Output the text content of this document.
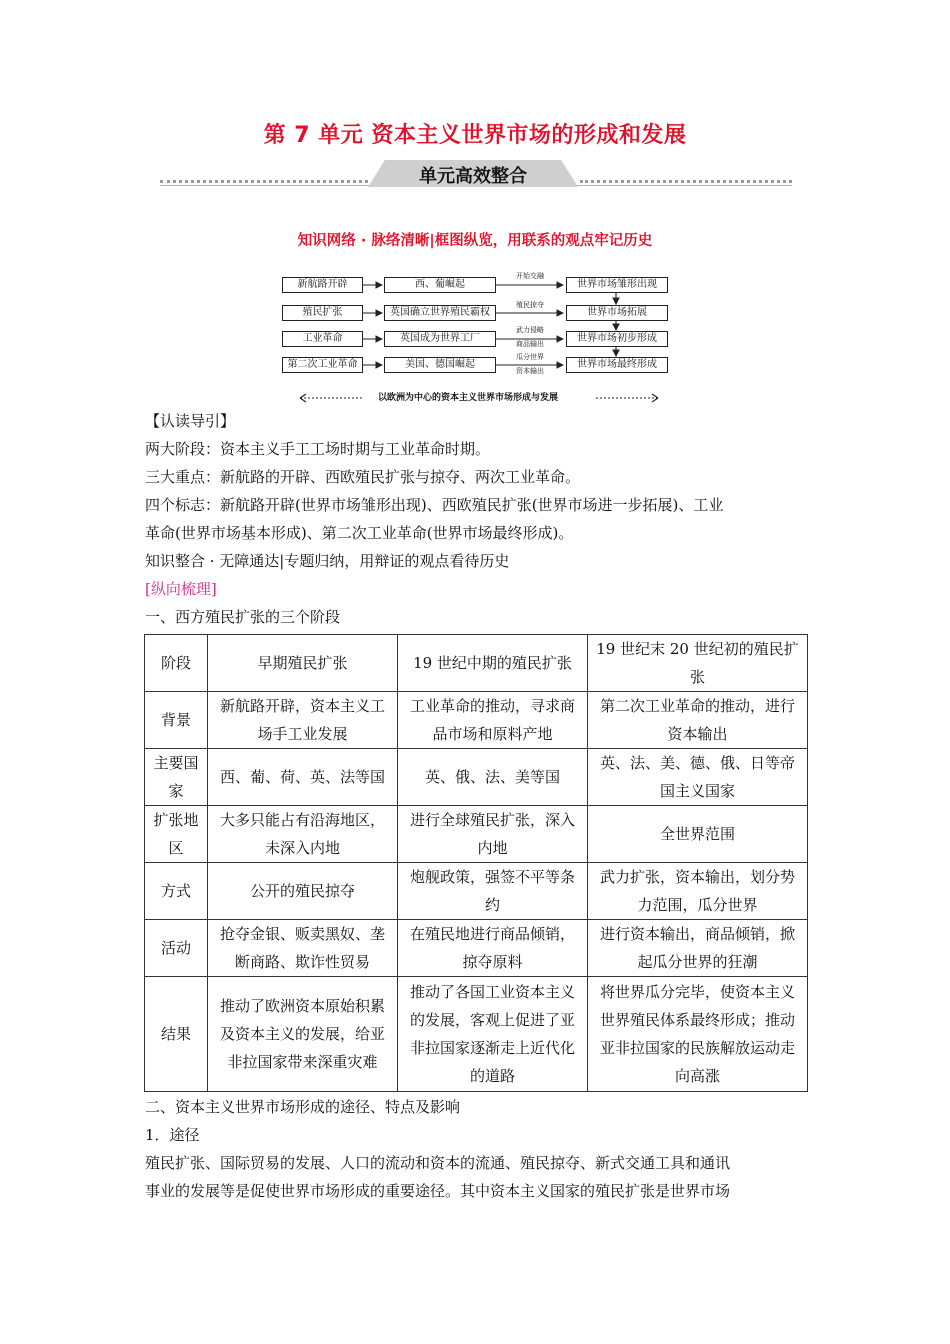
第 7 单元 资本主义世界市场的形成和发展
单元高效整合
知识网络 · 脉络清晰|框图纵览，用联系的观点牢记历史
新航路开辟
殖民扩张
工业革命
第二次工业革命
西、葡崛起
英国确立世界殖民霸权
英国成为世界工厂
美国、德国崛起
开始交融
殖民掠夺
武力侵略
商品输出
瓜分世界
资本输出
世界市场雏形出现
世界市场拓展
世界市场初步形成
世界市场最终形成
以欧洲为中心的资本主义世界市场形成与发展
【认读导引】
两大阶段：资本主义手工工场时期与工业革命时期。
三大重点：新航路的开辟、西欧殖民扩张与掠夺、两次工业革命。
四个标志：新航路开辟(世界市场雏形出现)、西欧殖民扩张(世界市场进一步拓展)、工业
革命(世界市场基本形成)、第二次工业革命(世界市场最终形成)。
知识整合 · 无障通达|专题归纳，用辩证的观点看待历史
[纵向梳理]
一、西方殖民扩张的三个阶段
阶段	早期殖民扩张	19 世纪中期的殖民扩张	19 世纪末 20 世纪初的殖民扩张
背景	新航路开辟，资本主义工场手工业发展	工业革命的推动，寻求商品市场和原料产地	第二次工业革命的推动，进行资本输出
主要国家	西、葡、荷、英、法等国	英、俄、法、美等国	英、法、美、德、俄、日等帝国主义国家
扩张地区	大多只能占有沿海地区，未深入内地	进行全球殖民扩张，深入内地	全世界范围
方式	公开的殖民掠夺	炮舰政策，强签不平等条约	武力扩张，资本输出，划分势力范围，瓜分世界
活动	抢夺金银、贩卖黑奴、垄断商路、欺诈性贸易	在殖民地进行商品倾销，掠夺原料	进行资本输出，商品倾销，掀起瓜分世界的狂潮
结果	推动了欧洲资本原始积累及资本主义的发展，给亚非拉国家带来深重灾难	推动了各国工业资本主义的发展，客观上促进了亚非拉国家逐渐走上近代化的道路	将世界瓜分完毕，使资本主义世界殖民体系最终形成；推动亚非拉国家的民族解放运动走向高涨
二、资本主义世界市场形成的途径、特点及影响
1．途径
殖民扩张、国际贸易的发展、人口的流动和资本的流通、殖民掠夺、新式交通工具和通讯
事业的发展等是促使世界市场形成的重要途径。其中资本主义国家的殖民扩张是世界市场
